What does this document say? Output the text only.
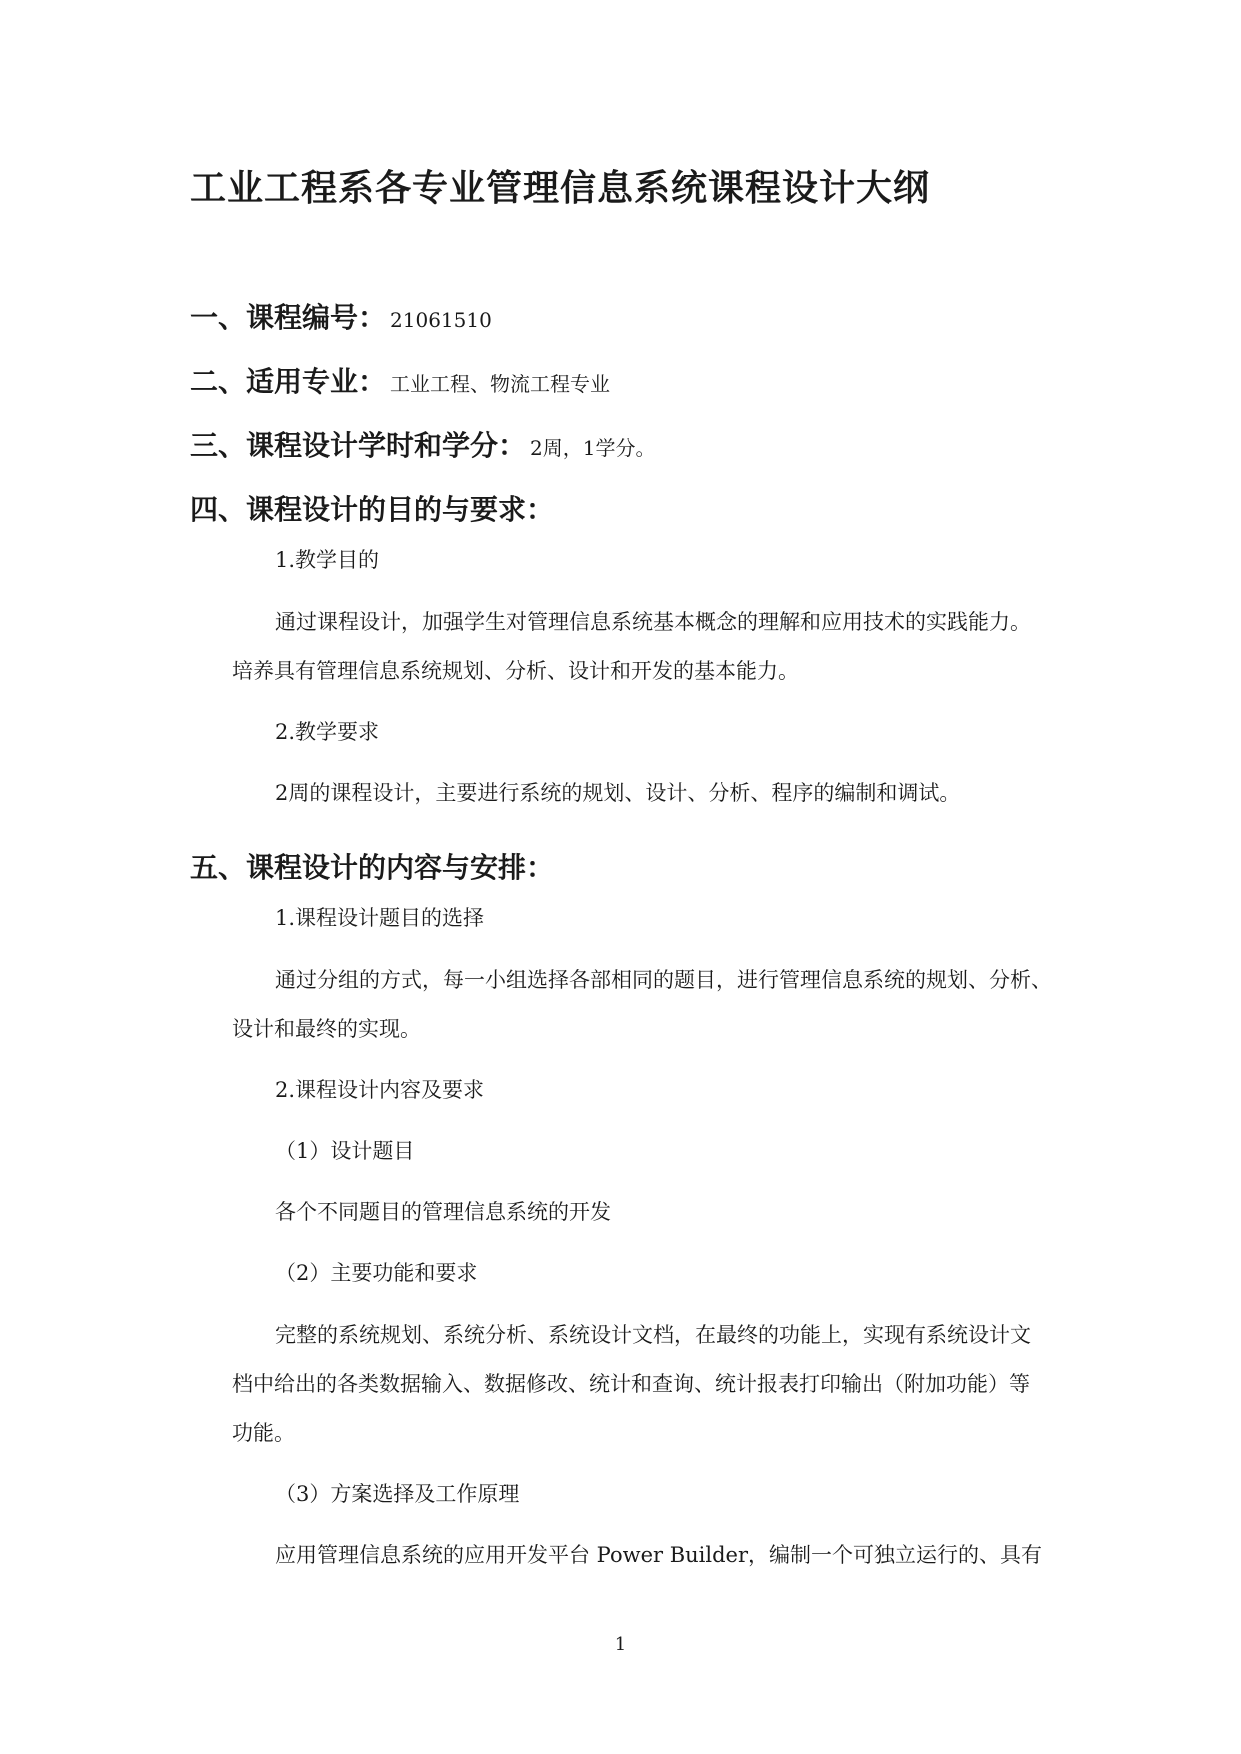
工业工程系各专业管理信息系统课程设计大纲
一、课程编号： 21061510
二、适用专业： 工业工程、物流工程专业
三、课程设计学时和学分： 2周，1学分。
四、课程设计的目的与要求：
1.教学目的
通过课程设计，加强学生对管理信息系统基本概念的理解和应用技术的实践能力。
培养具有管理信息系统规划、分析、设计和开发的基本能力。
2.教学要求
2周的课程设计，主要进行系统的规划、设计、分析、程序的编制和调试。
五、课程设计的内容与安排：
1.课程设计题目的选择
通过分组的方式，每一小组选择各部相同的题目，进行管理信息系统的规划、分析、
设计和最终的实现。
2.课程设计内容及要求
（1）设计题目
各个不同题目的管理信息系统的开发
（2）主要功能和要求
完整的系统规划、系统分析、系统设计文档，在最终的功能上，实现有系统设计文
档中给出的各类数据输入、数据修改、统计和查询、统计报表打印输出（附加功能）等
功能。
（3）方案选择及工作原理
应用管理信息系统的应用开发平台 Power Builder，编制一个可独立运行的、具有
1
